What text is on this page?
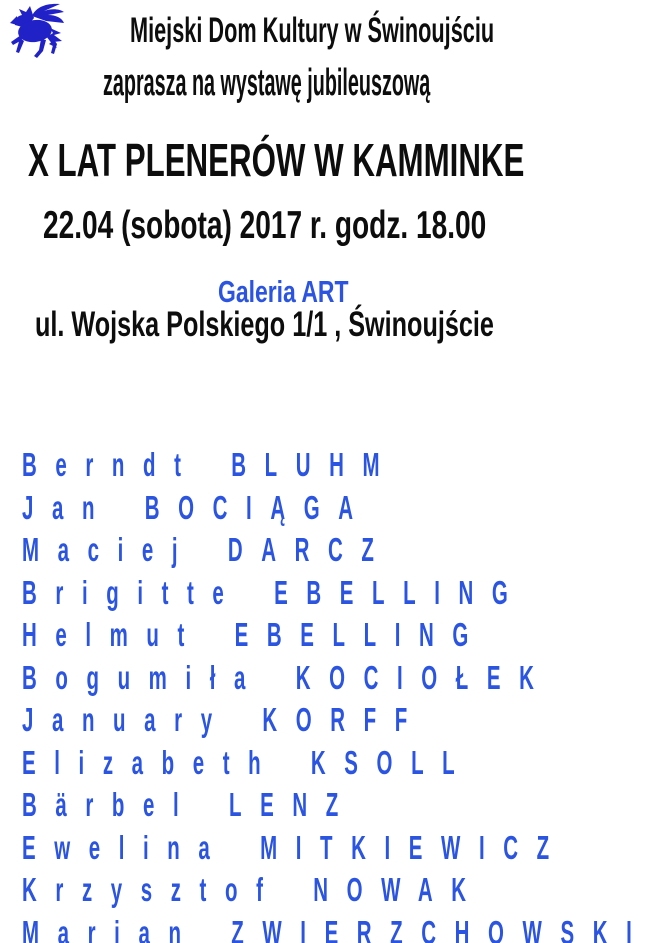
Miejski Dom Kultury w Świnoujściu
zaprasza na wystawę jubileuszową
X LAT PLENERÓW W KAMMINKE
22.04 (sobota) 2017 r. godz. 18.00
Galeria ART
ul. Wojska Polskiego 1/1 , Świnoujście
Berndt BLUHM
Jan BOCIĄGA
Maciej DARCZ
Brigitte EBELLING
Helmut EBELLING
Bogumiła KOCIOŁEK
January KORFF
Elizabeth KSOLL
Bärbel LENZ
Ewelina MITKIEWICZ
Krzysztof NOWAK
Marian ZWIERZCHOWSKI
